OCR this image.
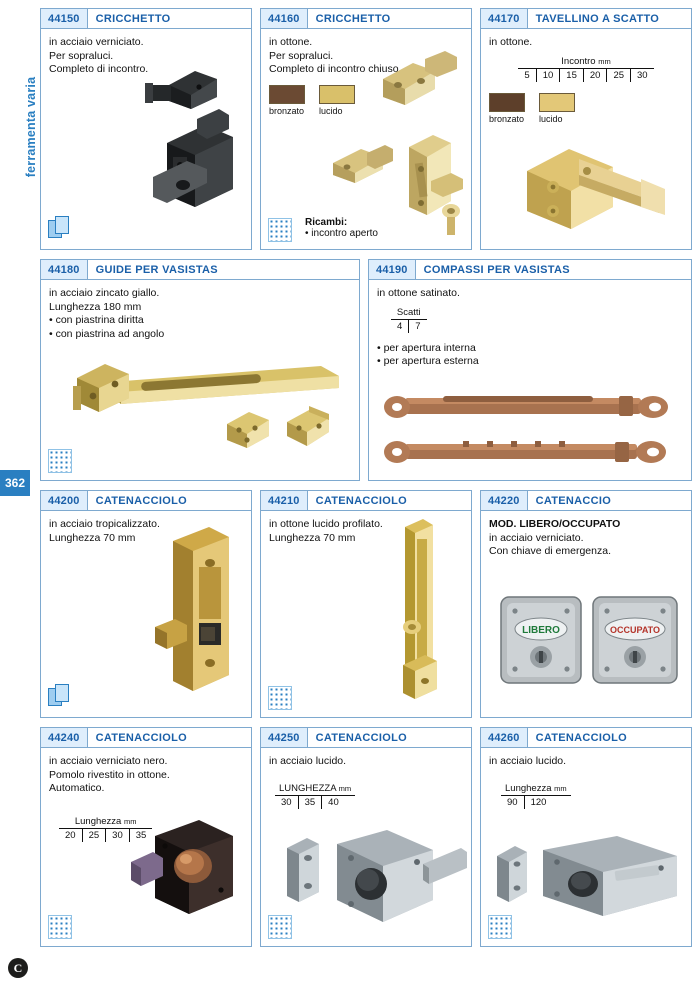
ferramenta varia
362
C
44150	CRICCHETTO
in acciaio verniciato.
Per sopraluci.
Completo di incontro.
44160	CRICCHETTO
in ottone.
Per sopraluci.
Completo di incontro chiuso.
bronzato lucido
Ricambi:
• incontro aperto
44170	TAVELLINO A SCATTO
in ottone.
Incontro mm
5	10	15	20	25	30
bronzato lucido
44180	GUIDE PER VASISTAS
in acciaio zincato giallo.
Lunghezza 180 mm
• con piastrina diritta
• con piastrina ad angolo
44190	COMPASSI PER VASISTAS
in ottone satinato.
Scatti
4	7
• per apertura interna
• per apertura esterna
44200	CATENACCIOLO
in acciaio tropicalizzato.
Lunghezza 70 mm
44210	CATENACCIOLO
in ottone lucido profilato.
Lunghezza 70 mm
44220	CATENACCIO
MOD. LIBERO/OCCUPATO
in acciaio verniciato.
Con chiave di emergenza.
LIBERO	OCCUPATO
44240	CATENACCIOLO
in acciaio verniciato nero.
Pomolo rivestito in ottone.
Automatico.
Lunghezza mm
20	25	30	35
44250	CATENACCIOLO
in acciaio lucido.
LUNGHEZZA mm
30	35	40
44260	CATENACCIOLO
in acciaio lucido.
Lunghezza mm
90	120
